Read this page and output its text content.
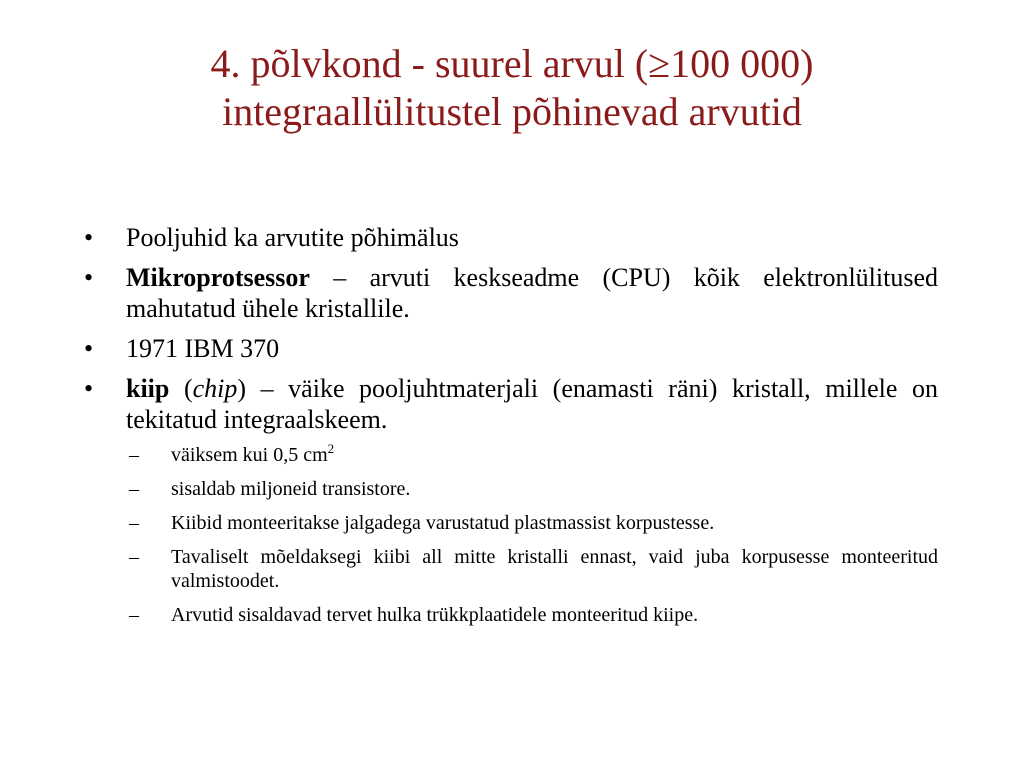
4. põlvkond - suurel arvul (≥100 000)
integraallülitustel põhinevad arvutid
• Pooljuhid ka arvutite põhimälus
• Mikroprotsessor – arvuti keskseadme (CPU) kõik elektronlülitused mahutatud ühele kristallile.
• 1971 IBM 370
• kiip (chip) – väike pooljuhtmaterjali (enamasti räni) kristall, millele on tekitatud integraalskeem.
– väiksem kui 0,5 $cm^2$
– sisaldab miljoneid transistore.
– Kiibid monteeritakse jalgadega varustatud plastmassist korpustesse.
– Tavaliselt mõeldaksegi kiibi all mitte kristalli ennast, vaid juba korpusesse monteeritud valmistoodet.
– Arvutid sisaldavad tervet hulka trükkplaatidele monteeritud kiipe.
